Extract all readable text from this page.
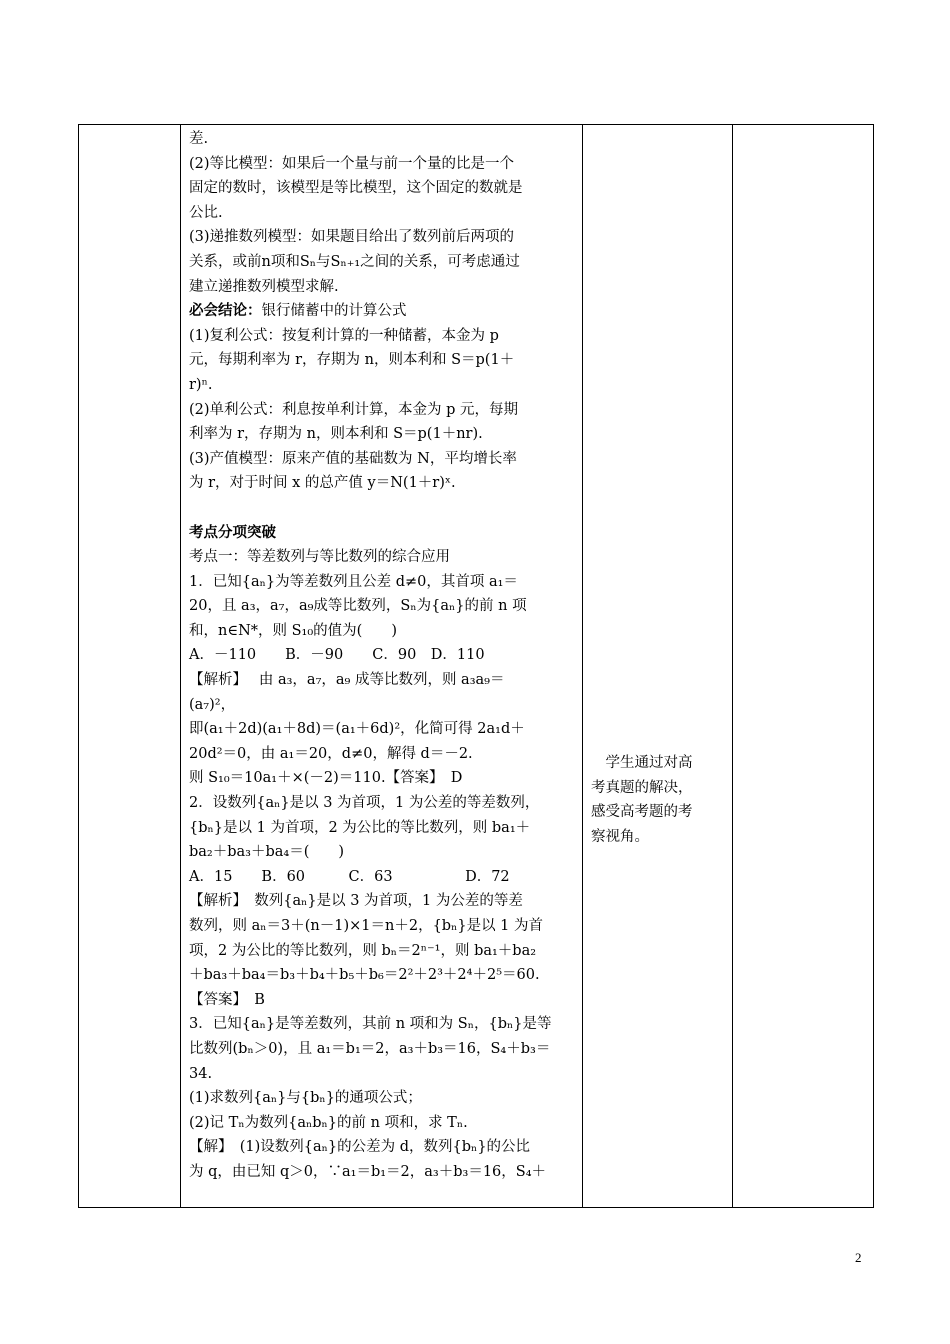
差.
(2)等比模型：如果后一个量与前一个量的比是一个
固定的数时，该模型是等比模型，这个固定的数就是
公比.
(3)递推数列模型：如果题目给出了数列前后两项的
关系，或前n项和Sₙ与Sₙ₊₁之间的关系，可考虑通过
建立递推数列模型求解.
必会结论：银行储蓄中的计算公式
(1)复利公式：按复利计算的一种储蓄，本金为 p
元，每期利率为 r，存期为 n，则本利和 S＝p(1＋
r)ⁿ.
(2)单利公式：利息按单利计算，本金为 p 元，每期
利率为 r，存期为 n，则本利和 S＝p(1＋nr).
(3)产值模型：原来产值的基础数为 N，平均增长率
为 r，对于时间 x 的总产值 y＝N(1＋r)ˣ.
考点分项突破
考点一：等差数列与等比数列的综合应用
1．已知{aₙ}为等差数列且公差 d≠0，其首项 a₁＝
20，且 a₃，a₇，a₉成等比数列，Sₙ为{aₙ}的前 n 项
和，n∈N*，则 S₁₀的值为(　　)
A．－110　　B．－90　　C．90　D．110
【解析】　 由 a₃，a₇，a₉ 成等比数列，则 a₃a₉＝
(a₇)²，
即(a₁＋2d)(a₁＋8d)＝(a₁＋6d)²，化简可得 2a₁d＋
20d²＝0，由 a₁＝20，d≠0，解得 d＝－2.
则 S₁₀＝10a₁＋×(－2)＝110.【答案】　D
2．设数列{aₙ}是以 3 为首项，1 为公差的等差数列，
{bₙ}是以 1 为首项，2 为公比的等比数列，则 ba₁＋
ba₂＋ba₃＋ba₄＝(　　)
A．15　　B．60　　　C．63　　　　　D．72
【解析】　数列{aₙ}是以 3 为首项，1 为公差的等差
数列，则 aₙ＝3＋(n－1)×1＝n＋2，{bₙ}是以 1 为首
项，2 为公比的等比数列，则 bₙ＝2ⁿ⁻¹，则 ba₁＋ba₂
＋ba₃＋ba₄＝b₃＋b₄＋b₅＋b₆＝2²＋2³＋2⁴＋2⁵＝60.
【答案】　B
3．已知{aₙ}是等差数列，其前 n 项和为 Sₙ，{bₙ}是等
比数列(bₙ＞0)，且 a₁＝b₁＝2，a₃＋b₃＝16，S₄＋b₃＝
34.
(1)求数列{aₙ}与{bₙ}的通项公式；
(2)记 Tₙ为数列{aₙbₙ}的前 n 项和，求 Tₙ.
【解】　(1)设数列{aₙ}的公差为 d，数列{bₙ}的公比
为 q，由已知 q＞0，∵a₁＝b₁＝2，a₃＋b₃＝16，S₄＋
　学生通过对高
考真题的解决，
感受高考题的考
察视角。
2
